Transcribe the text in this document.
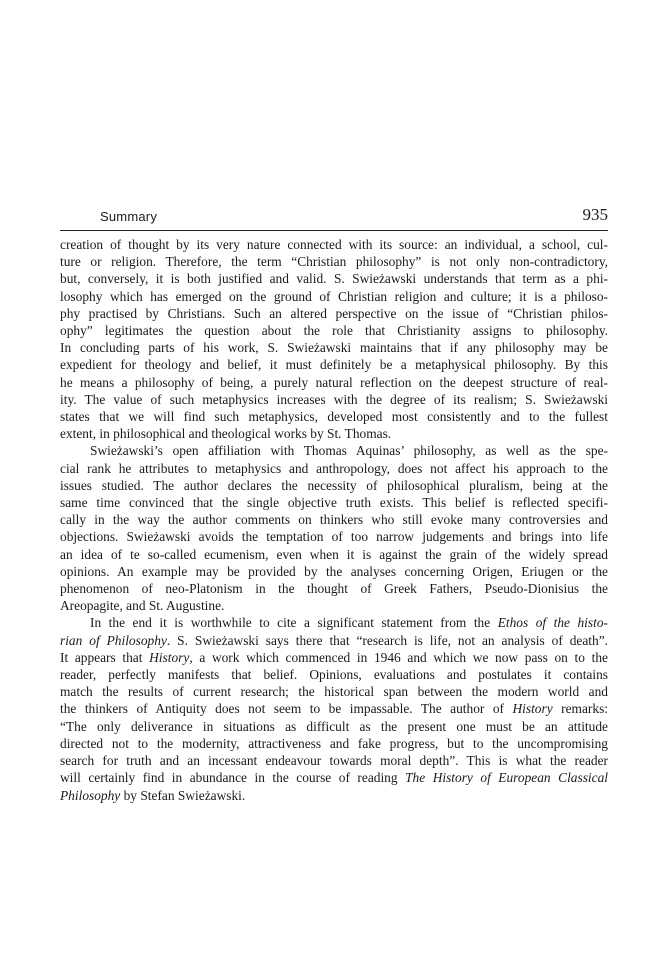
Summary	935

creation of thought by its very nature connected with its source: an individual, a school, cul-
ture or religion. Therefore, the term “Christian philosophy” is not only non-contradictory,
but, conversely, it is both justified and valid. S. Swieżawski understands that term as a phi-
losophy which has emerged on the ground of Christian religion and culture; it is a philoso-
phy practised by Christians. Such an altered perspective on the issue of “Christian philos-
ophy” legitimates the question about the role that Christianity assigns to philosophy.
In concluding parts of his work, S. Swieżawski maintains that if any philosophy may be
expedient for theology and belief, it must definitely be a metaphysical philosophy. By this
he means a philosophy of being, a purely natural reflection on the deepest structure of real-
ity. The value of such metaphysics increases with the degree of its realism; S. Swieżawski
states that we will find such metaphysics, developed most consistently and to the fullest
extent, in philosophical and theological works by St. Thomas.

Swieżawski’s open affiliation with Thomas Aquinas’ philosophy, as well as the spe-
cial rank he attributes to metaphysics and anthropology, does not affect his approach to the
issues studied. The author declares the necessity of philosophical pluralism, being at the
same time convinced that the single objective truth exists. This belief is reflected specifi-
cally in the way the author comments on thinkers who still evoke many controversies and
objections. Swieżawski avoids the temptation of too narrow judgements and brings into life
an idea of te so-called ecumenism, even when it is against the grain of the widely spread
opinions. An example may be provided by the analyses concerning Origen, Eriugen or the
phenomenon of neo-Platonism in the thought of Greek Fathers, Pseudo-Dionisius the
Areopagite, and St. Augustine.

In the end it is worthwhile to cite a significant statement from the Ethos of the histo-
rian of Philosophy. S. Swieżawski says there that “research is life, not an analysis of death”.
It appears that History, a work which commenced in 1946 and which we now pass on to the
reader, perfectly manifests that belief. Opinions, evaluations and postulates it contains
match the results of current research; the historical span between the modern world and
the thinkers of Antiquity does not seem to be impassable. The author of History remarks:
“The only deliverance in situations as difficult as the present one must be an attitude
directed not to the modernity, attractiveness and fake progress, but to the uncompromising
search for truth and an incessant endeavour towards moral depth”. This is what the reader
will certainly find in abundance in the course of reading The History of European Classical
Philosophy by Stefan Swieżawski.
